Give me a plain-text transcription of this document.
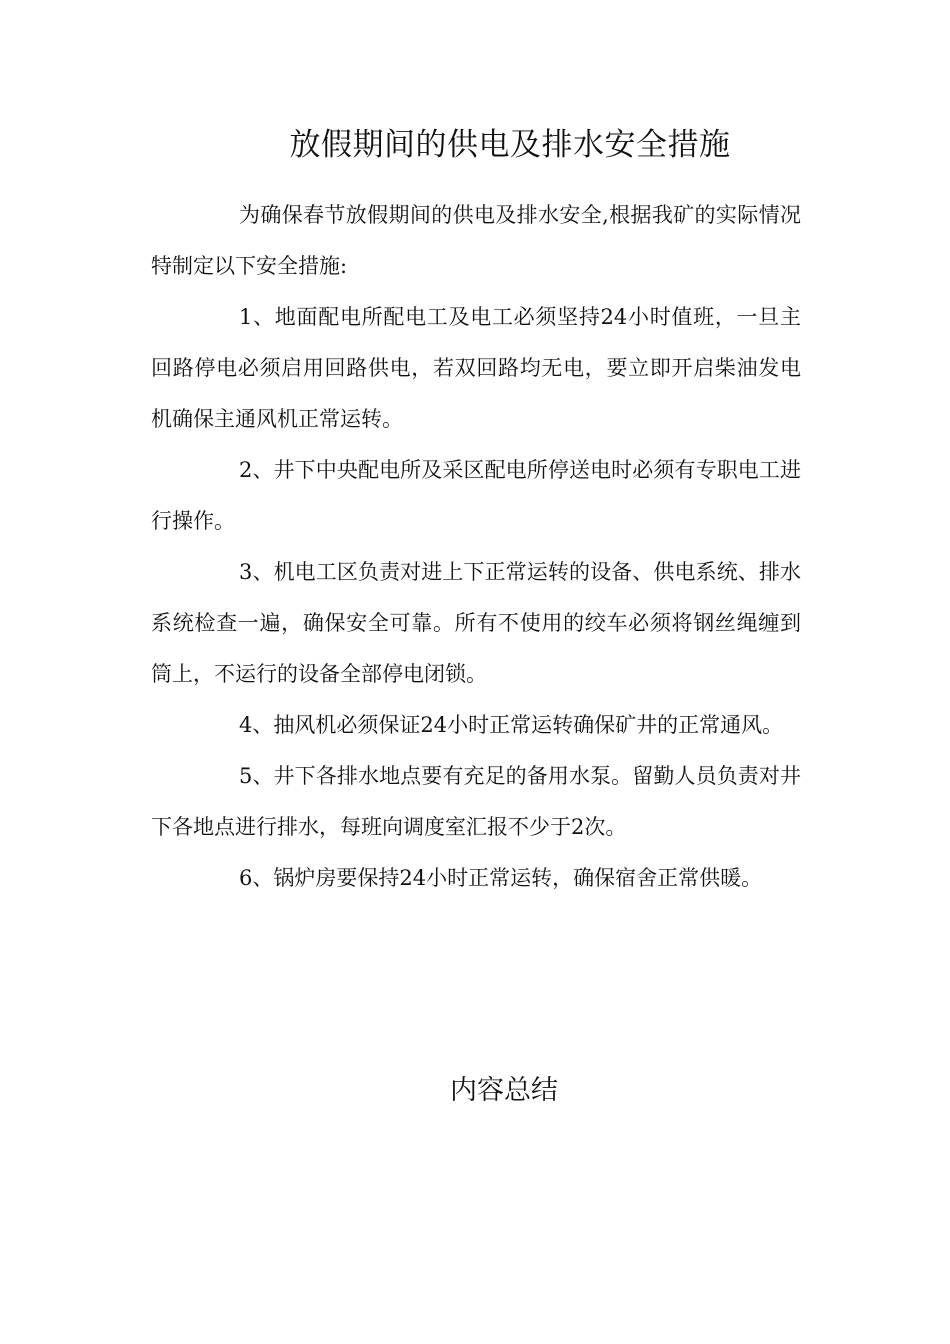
放假期间的供电及排水安全措施

为确保春节放假期间的供电及排水安全,根据我矿的实际情况特制定以下安全措施:

1、地面配电所配电工及电工必须坚持24小时值班，一旦主回路停电必须启用回路供电，若双回路均无电，要立即开启柴油发电机确保主通风机正常运转。

2、井下中央配电所及采区配电所停送电时必须有专职电工进行操作。

3、机电工区负责对进上下正常运转的设备、供电系统、排水系统检查一遍，确保安全可靠。所有不使用的绞车必须将钢丝绳缠到筒上，不运行的设备全部停电闭锁。

4、抽风机必须保证24小时正常运转确保矿井的正常通风。

5、井下各排水地点要有充足的备用水泵。留勤人员负责对井下各地点进行排水，每班向调度室汇报不少于2次。

6、锅炉房要保持24小时正常运转，确保宿舍正常供暖。

内容总结
